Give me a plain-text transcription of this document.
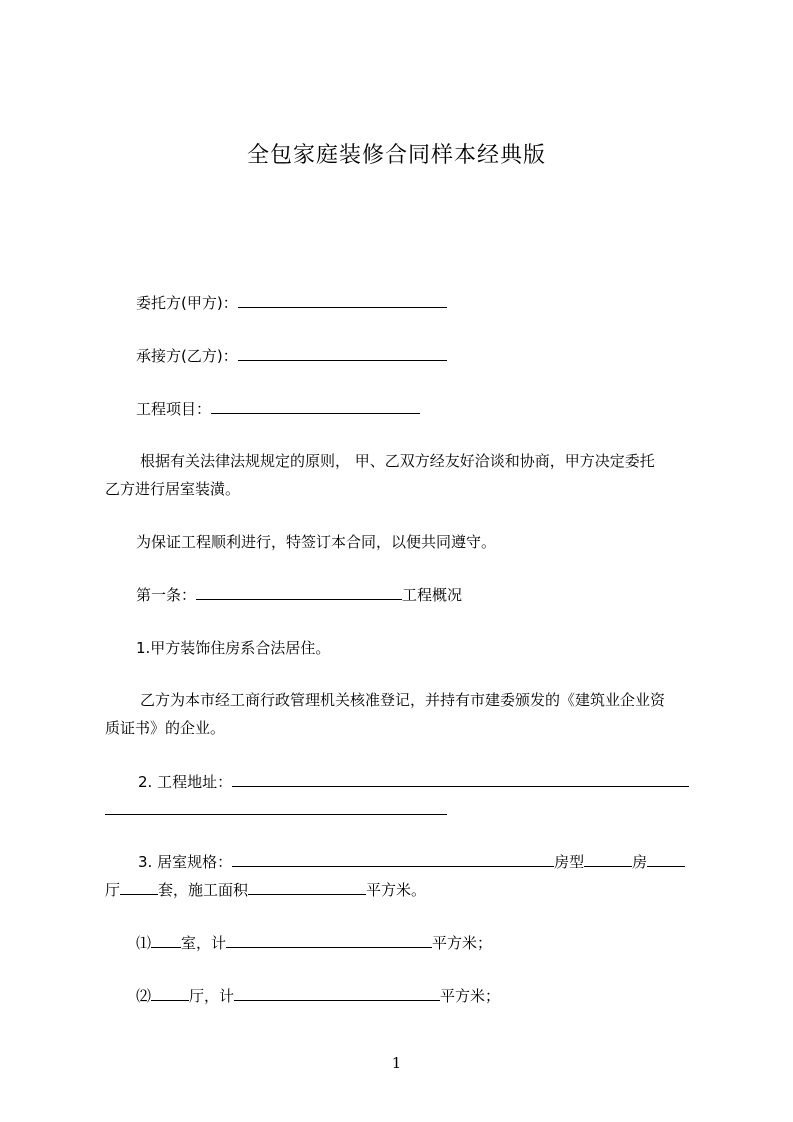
全包家庭装修合同样本经典版
委托方(甲方)：
承接方(乙方)：
工程项目：
根据有关法律法规规定的原则， 甲、乙双方经友好洽谈和协商，甲方决定委托
乙方进行居室装潢。
为保证工程顺利进行，特签订本合同，以便共同遵守。
第一条：	工程概况
1.甲方装饰住房系合法居住。
乙方为本市经工商行政管理机关核准登记，并持有市建委颁发的《建筑业企业资
质证书》的企业。
2. 工程地址：
3. 居室规格：	房型	房
厅	套，施工面积	平方米。
⑴ 室，计	平方米；
⑵	厅，计	平方米；
1
